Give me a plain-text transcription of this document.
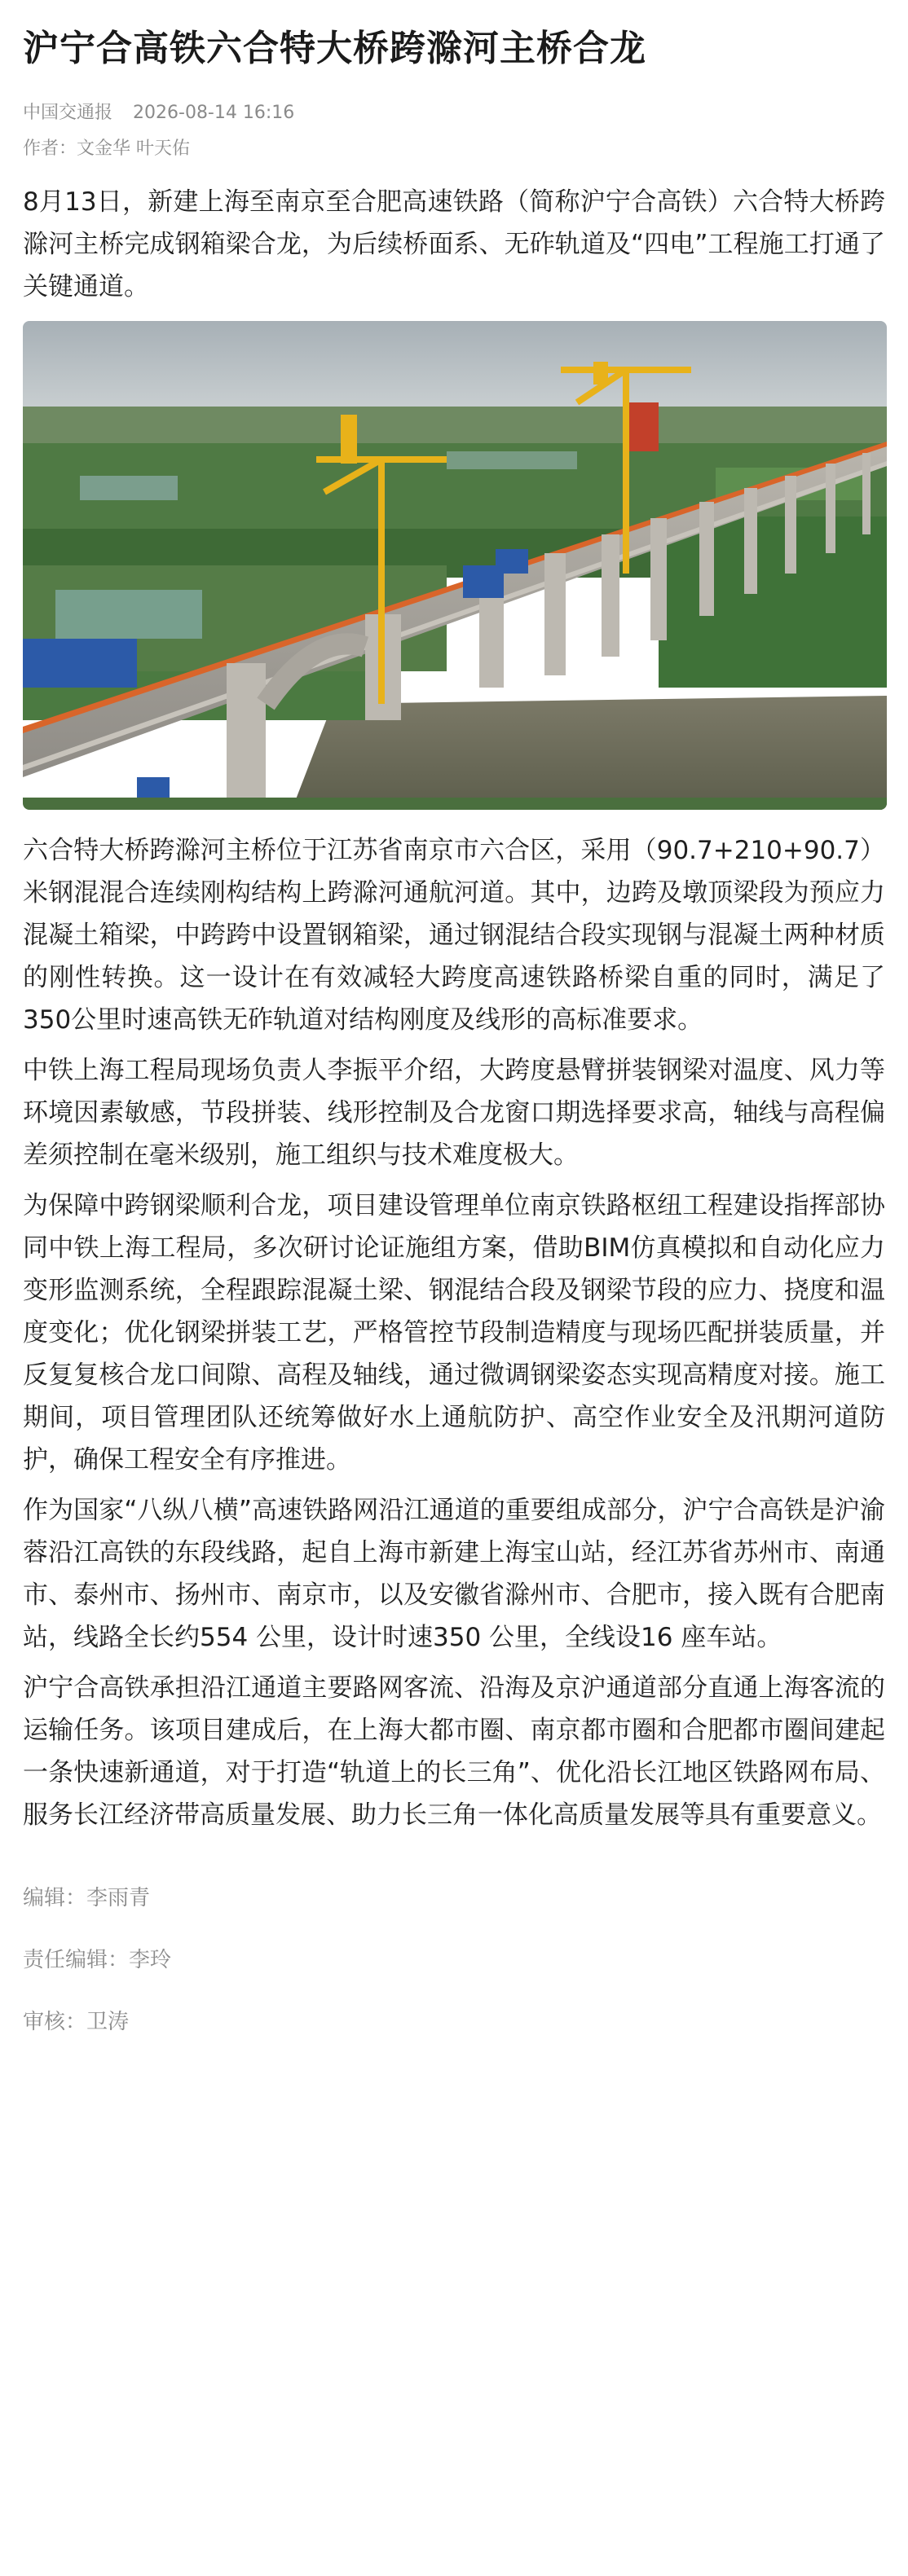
沪宁合高铁六合特大桥跨滁河主桥合龙
中国交通报 2026-08-14 16:16
作者：文金华 叶天佑

8月13日，新建上海至南京至合肥高速铁路（简称沪宁合高铁）六合特大桥跨滁河主桥完成钢箱梁合龙，为后续桥面系、无砟轨道及“四电”工程施工打通了关键通道。

六合特大桥跨滁河主桥位于江苏省南京市六合区，采用（90.7+210+90.7）米钢混混合连续刚构结构上跨滁河通航河道。其中，边跨及墩顶梁段为预应力混凝土箱梁，中跨跨中设置钢箱梁，通过钢混结合段实现钢与混凝土两种材质的刚性转换。这一设计在有效减轻大跨度高速铁路桥梁自重的同时，满足了350公里时速高铁无砟轨道对结构刚度及线形的高标准要求。

中铁上海工程局现场负责人李振平介绍，大跨度悬臂拼装钢梁对温度、风力等环境因素敏感，节段拼装、线形控制及合龙窗口期选择要求高，轴线与高程偏差须控制在毫米级别，施工组织与技术难度极大。

为保障中跨钢梁顺利合龙，项目建设管理单位南京铁路枢纽工程建设指挥部协同中铁上海工程局，多次研讨论证施组方案，借助BIM仿真模拟和自动化应力变形监测系统，全程跟踪混凝土梁、钢混结合段及钢梁节段的应力、挠度和温度变化；优化钢梁拼装工艺，严格管控节段制造精度与现场匹配拼装质量，并反复复核合龙口间隙、高程及轴线，通过微调钢梁姿态实现高精度对接。施工期间，项目管理团队还统筹做好水上通航防护、高空作业安全及汛期河道防护，确保工程安全有序推进。

作为国家“八纵八横”高速铁路网沿江通道的重要组成部分，沪宁合高铁是沪渝蓉沿江高铁的东段线路，起自上海市新建上海宝山站，经江苏省苏州市、南通市、泰州市、扬州市、南京市，以及安徽省滁州市、合肥市，接入既有合肥南站，线路全长约554 公里，设计时速350 公里，全线设16 座车站。

沪宁合高铁承担沿江通道主要路网客流、沿海及京沪通道部分直通上海客流的运输任务。该项目建成后，在上海大都市圈、南京都市圈和合肥都市圈间建起一条快速新通道，对于打造“轨道上的长三角”、优化沿长江地区铁路网布局、服务长江经济带高质量发展、助力长三角一体化高质量发展等具有重要意义。

编辑：李雨青
责任编辑：李玲
审核：卫涛
